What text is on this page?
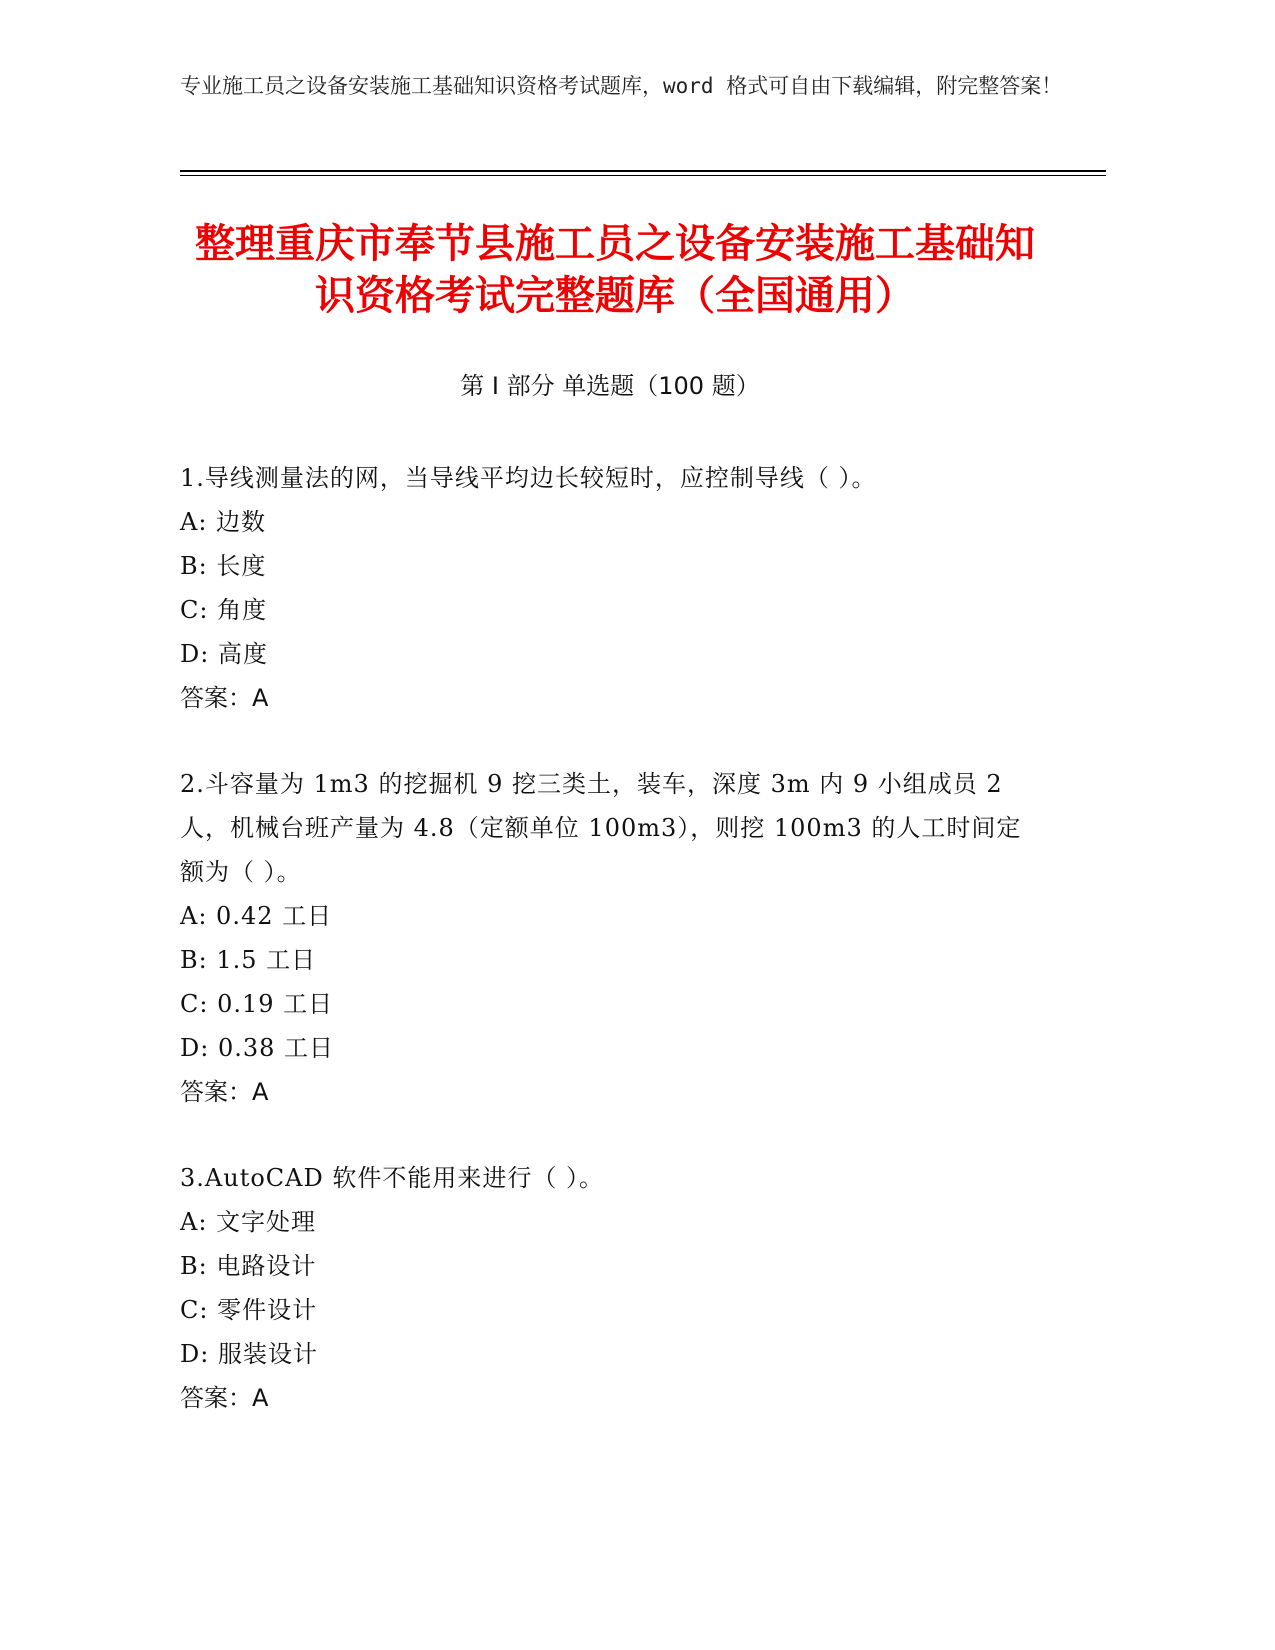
专业施工员之设备安装施工基础知识资格考试题库，word 格式可自由下载编辑，附完整答案！
整理重庆市奉节县施工员之设备安装施工基础知识资格考试完整题库（全国通用）
第 I 部分 单选题（100 题）
1.导线测量法的网，当导线平均边长较短时，应控制导线（ ）。
A: 边数
B: 长度
C: 角度
D: 高度
答案：A
2.斗容量为 1m3 的挖掘机 9 挖三类土，装车，深度 3m 内 9 小组成员 2 人，机械台班产量为 4.8（定额单位 100m3），则挖 100m3 的人工时间定额为（ ）。
A: 0.42 工日
B: 1.5 工日
C: 0.19 工日
D: 0.38 工日
答案：A
3.AutoCAD 软件不能用来进行（ ）。
A: 文字处理
B: 电路设计
C: 零件设计
D: 服装设计
答案：A
